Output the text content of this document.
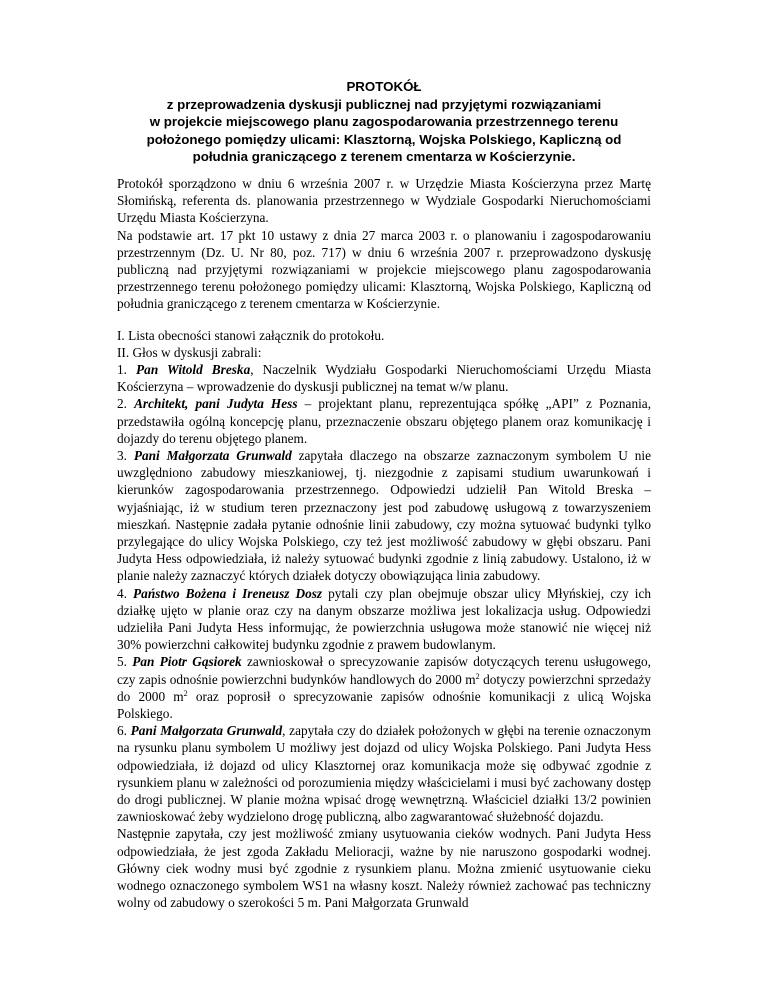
PROTOKÓŁ
z przeprowadzenia dyskusji publicznej nad przyjętymi rozwiązaniami
w projekcie miejscowego planu zagospodarowania przestrzennego terenu
położonego pomiędzy ulicami: Klasztorną, Wojska Polskiego, Kapliczną od
południa graniczącego z terenem cmentarza w Kościerzynie.

Protokół sporządzono w dniu 6 września 2007 r. w Urzędzie Miasta Kościerzyna przez Martę Słomińską, referenta ds. planowania przestrzennego w Wydziale Gospodarki Nieruchomościami Urzędu Miasta Kościerzyna.

Na podstawie art. 17 pkt 10 ustawy z dnia 27 marca 2003 r. o planowaniu i zagospodarowaniu przestrzennym (Dz. U. Nr 80, poz. 717) w dniu 6 września 2007 r. przeprowadzono dyskusję publiczną nad przyjętymi rozwiązaniami w projekcie miejscowego planu zagospodarowania przestrzennego terenu położonego pomiędzy ulicami: Klasztorną, Wojska Polskiego, Kapliczną od południa graniczącego z terenem cmentarza w Kościerzynie.

I. Lista obecności stanowi załącznik do protokołu.

II. Głos w dyskusji zabrali:

1. Pan Witold Breska, Naczelnik Wydziału Gospodarki Nieruchomościami Urzędu Miasta Kościerzyna – wprowadzenie do dyskusji publicznej na temat w/w planu.

2. Architekt, pani Judyta Hess – projektant planu, reprezentująca spółkę „API” z Poznania, przedstawiła ogólną koncepcję planu, przeznaczenie obszaru objętego planem oraz komunikację i dojazdy do terenu objętego planem.

3. Pani Małgorzata Grunwald zapytała dlaczego na obszarze zaznaczonym symbolem U nie uwzględniono zabudowy mieszkaniowej, tj. niezgodnie z zapisami studium uwarunkowań i kierunków zagospodarowania przestrzennego. Odpowiedzi udzielił Pan Witold Breska – wyjaśniając, iż w studium teren przeznaczony jest pod zabudowę usługową z towarzyszeniem mieszkań. Następnie zadała pytanie odnośnie linii zabudowy, czy można sytuować budynki tylko przylegające do ulicy Wojska Polskiego, czy też jest możliwość zabudowy w głębi obszaru. Pani Judyta Hess odpowiedziała, iż należy sytuować budynki zgodnie z linią zabudowy. Ustalono, iż w planie należy zaznaczyć których działek dotyczy obowiązująca linia zabudowy.

4. Państwo Bożena i Ireneusz Dosz pytali czy plan obejmuje obszar ulicy Młyńskiej, czy ich działkę ujęto w planie oraz czy na danym obszarze możliwa jest lokalizacja usług. Odpowiedzi udzieliła Pani Judyta Hess informując, że powierzchnia usługowa może stanowić nie więcej niż 30% powierzchni całkowitej budynku zgodnie z prawem budowlanym.

5. Pan Piotr Gąsiorek zawnioskował o sprecyzowanie zapisów dotyczących terenu usługowego, czy zapis odnośnie powierzchni budynków handlowych do 2000 $m^2$ dotyczy powierzchni sprzedaży do 2000 $m^2$ oraz poprosił o sprecyzowanie zapisów odnośnie komunikacji z ulicą Wojska Polskiego.

6. Pani Małgorzata Grunwald, zapytała czy do działek położonych w głębi na terenie oznaczonym na rysunku planu symbolem U możliwy jest dojazd od ulicy Wojska Polskiego. Pani Judyta Hess odpowiedziała, iż dojazd od ulicy Klasztornej oraz komunikacja może się odbywać zgodnie z rysunkiem planu w zależności od porozumienia między właścicielami i musi być zachowany dostęp do drogi publicznej. W planie można wpisać drogę wewnętrzną. Właściciel działki 13/2 powinien zawnioskować żeby wydzielono drogę publiczną, albo zagwarantować służebność dojazdu.

Następnie zapytała, czy jest możliwość zmiany usytuowania cieków wodnych. Pani Judyta Hess odpowiedziała, że jest zgoda Zakładu Melioracji, ważne by nie naruszono gospodarki wodnej. Główny ciek wodny musi być zgodnie z rysunkiem planu. Można zmienić usytuowanie cieku wodnego oznaczonego symbolem WS1 na własny koszt. Należy również zachować pas techniczny wolny od zabudowy o szerokości 5 m. Pani Małgorzata Grunwald
